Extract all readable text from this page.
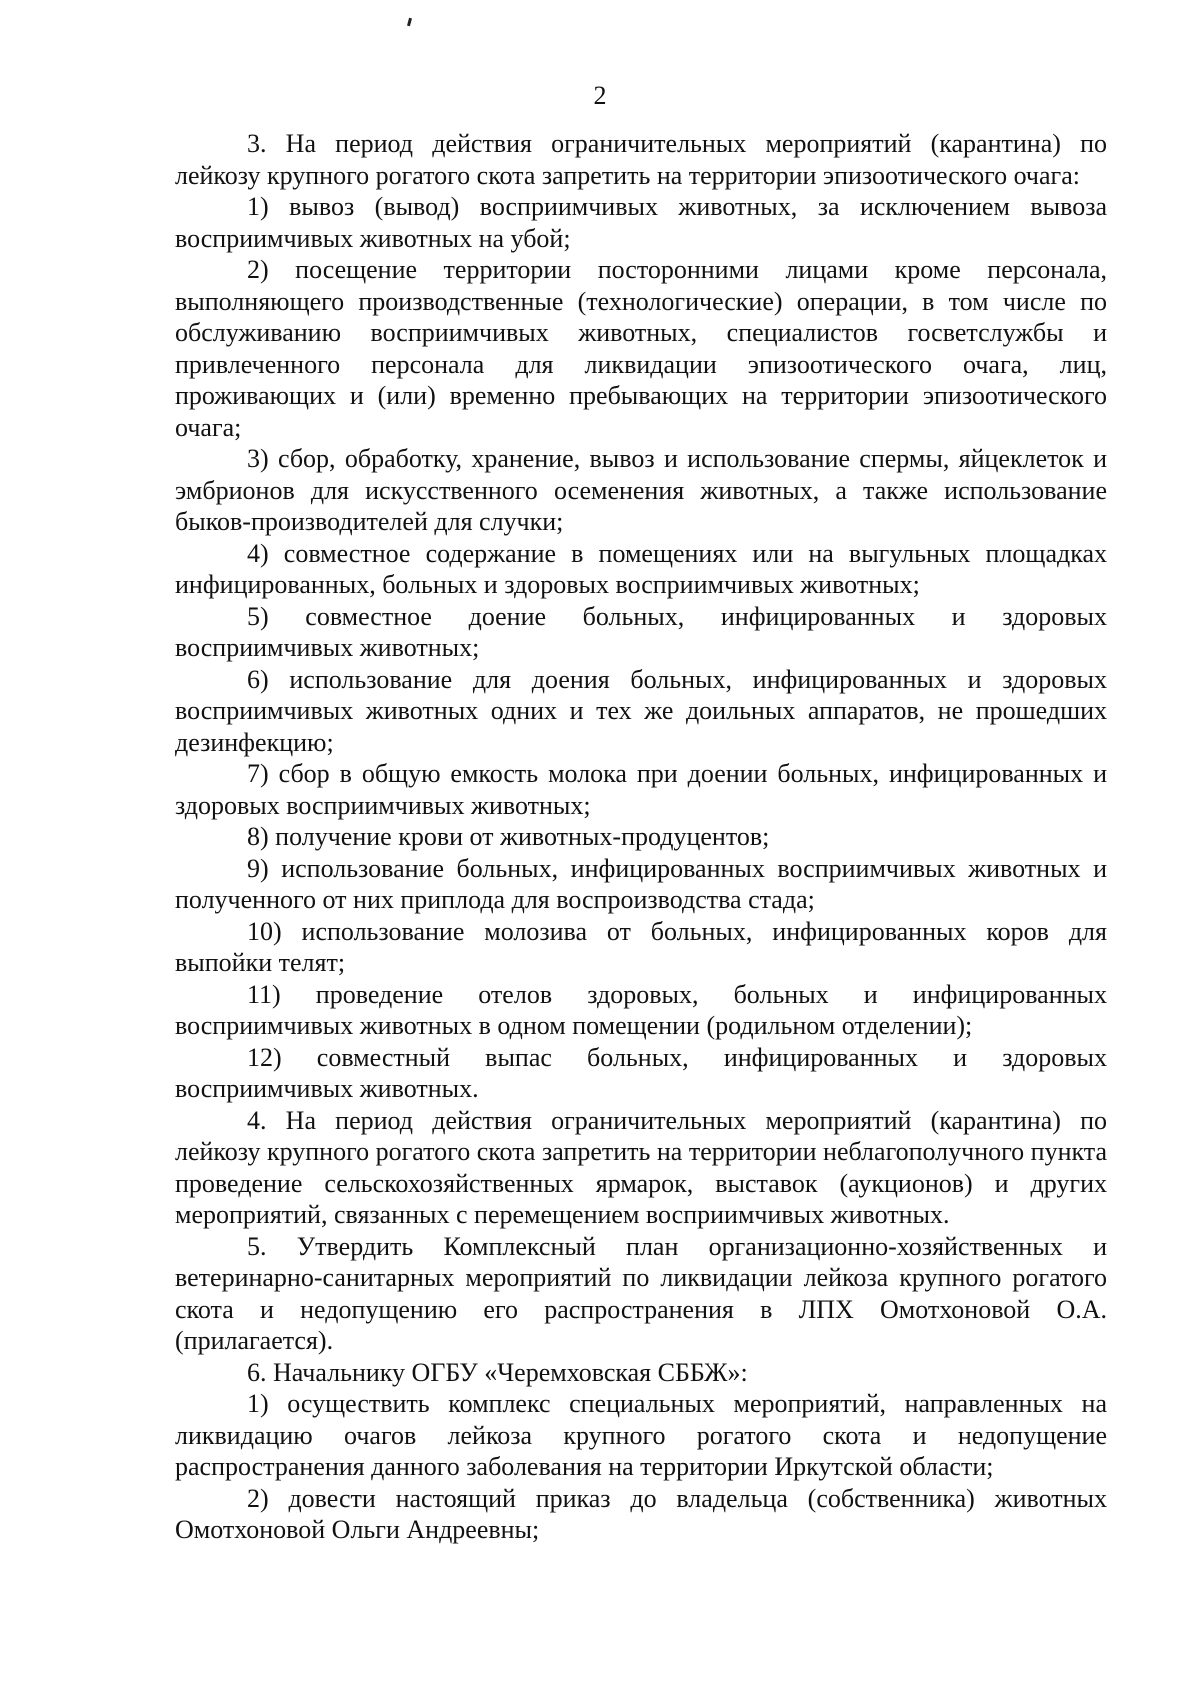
2

3. На период действия ограничительных мероприятий (карантина) по лейкозу крупного рогатого скота запретить на территории эпизоотического очага:

1) вывоз (вывод) восприимчивых животных, за исключением вывоза восприимчивых животных на убой;

2) посещение территории посторонними лицами кроме персонала, выполняющего производственные (технологические) операции, в том числе по обслуживанию восприимчивых животных, специалистов госветслужбы и привлеченного персонала для ликвидации эпизоотического очага, лиц, проживающих и (или) временно пребывающих на территории эпизоотического очага;

3) сбор, обработку, хранение, вывоз и использование спермы, яйцеклеток и эмбрионов для искусственного осеменения животных, а также использование быков-производителей для случки;

4) совместное содержание в помещениях или на выгульных площадках инфицированных, больных и здоровых восприимчивых животных;

5) совместное доение больных, инфицированных и здоровых восприимчивых животных;

6) использование для доения больных, инфицированных и здоровых восприимчивых животных одних и тех же доильных аппаратов, не прошедших дезинфекцию;

7) сбор в общую емкость молока при доении больных, инфицированных и здоровых восприимчивых животных;

8) получение крови от животных-продуцентов;

9) использование больных, инфицированных восприимчивых животных и полученного от них приплода для воспроизводства стада;

10) использование молозива от больных, инфицированных коров для выпойки телят;

11) проведение отелов здоровых, больных и инфицированных восприимчивых животных в одном помещении (родильном отделении);

12) совместный выпас больных, инфицированных и здоровых восприимчивых животных.

4. На период действия ограничительных мероприятий (карантина) по лейкозу крупного рогатого скота запретить на территории неблагополучного пункта проведение сельскохозяйственных ярмарок, выставок (аукционов) и других мероприятий, связанных с перемещением восприимчивых животных.

5. Утвердить Комплексный план организационно-хозяйственных и ветеринарно-санитарных мероприятий по ликвидации лейкоза крупного рогатого скота и недопущению его распространения в ЛПХ Омотхоновой О.А. (прилагается).

6. Начальнику ОГБУ «Черемховская СББЖ»:

1) осуществить комплекс специальных мероприятий, направленных на ликвидацию очагов лейкоза крупного рогатого скота и недопущение распространения данного заболевания на территории Иркутской области;

2) довести настоящий приказ до владельца (собственника) животных Омотхоновой Ольги Андреевны;
